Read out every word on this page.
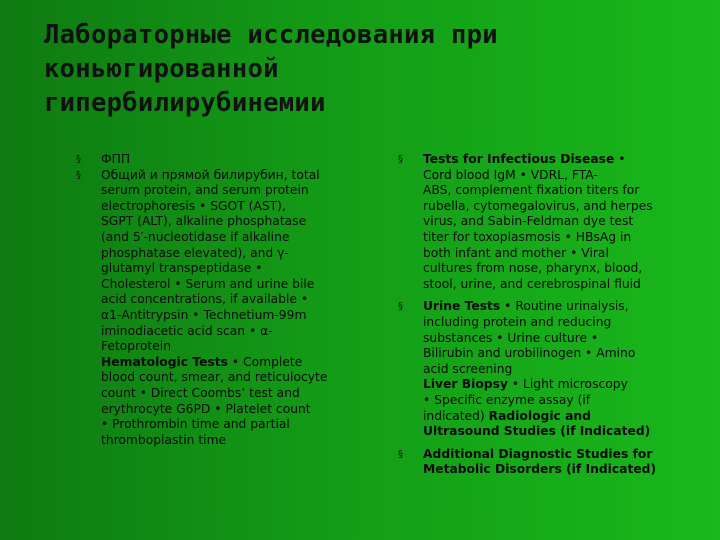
Лабораторные исследования при
коньюгированной
гипербилирубинемии
§ ФПП
§ Общий и прямой билирубин, total
serum protein, and serum protein
electrophoresis • SGOT (AST),
SGPT (ALT), alkaline phosphatase
(and 5′-nucleotidase if alkaline
phosphatase elevated), and γ-
glutamyl transpeptidase •
Cholesterol • Serum and urine bile
acid concentrations, if available •
α1-Antitrypsin • Technetium-99m
iminodiacetic acid scan • α-
Fetoprotein
Hematologic Tests • Complete
blood count, smear, and reticulocyte
count • Direct Coombs’ test and
erythrocyte G6PD • Platelet count
• Prothrombin time and partial
thromboplastin time
§ Tests for Infectious Disease •
Cord blood IgM • VDRL, FTA-
ABS, complement fixation titers for
rubella, cytomegalovirus, and herpes
virus, and Sabin-Feldman dye test
titer for toxoplasmosis • HBsAg in
both infant and mother • Viral
cultures from nose, pharynx, blood,
stool, urine, and cerebrospinal fluid
§ Urine Tests • Routine urinalysis,
including protein and reducing
substances • Urine culture •
Bilirubin and urobilinogen • Amino
acid screening
Liver Biopsy • Light microscopy
• Specific enzyme assay (if
indicated) Radiologic and
Ultrasound Studies (if Indicated)
§ Additional Diagnostic Studies for
Metabolic Disorders (if Indicated)
